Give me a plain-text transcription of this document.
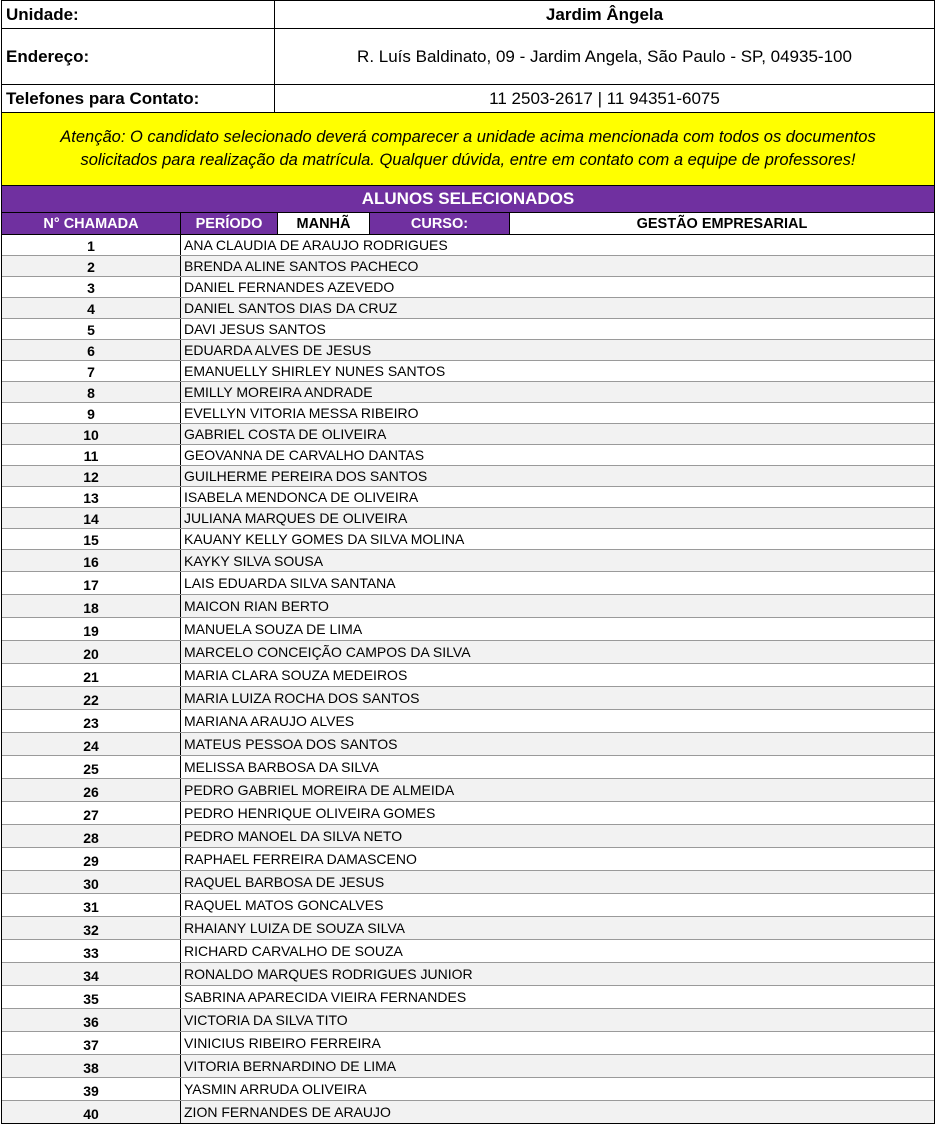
Unidade:	Jardim Ângela
Endereço:	R. Luís Baldinato, 09 - Jardim Angela, São Paulo - SP, 04935-100
Telefones para Contato:	11 2503-2617 | 11 94351-6075
Atenção: O candidato selecionado deverá comparecer a unidade acima mencionada com todos os documentos
solicitados para realização da matrícula. Qualquer dúvida, entre em contato com a equipe de professores!
ALUNOS SELECIONADOS
N° CHAMADA	PERÍODO	MANHÃ	CURSO:	GESTÃO EMPRESARIAL
1	ANA CLAUDIA DE ARAUJO RODRIGUES
2	BRENDA ALINE SANTOS PACHECO
3	DANIEL FERNANDES AZEVEDO
4	DANIEL SANTOS DIAS DA CRUZ
5	DAVI JESUS SANTOS
6	EDUARDA ALVES DE JESUS
7	EMANUELLY SHIRLEY NUNES SANTOS
8	EMILLY MOREIRA ANDRADE
9	EVELLYN VITORIA MESSA RIBEIRO
10	GABRIEL COSTA DE OLIVEIRA
11	GEOVANNA DE CARVALHO DANTAS
12	GUILHERME PEREIRA DOS SANTOS
13	ISABELA MENDONCA DE OLIVEIRA
14	JULIANA MARQUES DE OLIVEIRA
15	KAUANY KELLY GOMES DA SILVA MOLINA
16	KAYKY SILVA SOUSA
17	LAIS EDUARDA SILVA SANTANA
18	MAICON RIAN BERTO
19	MANUELA SOUZA DE LIMA
20	MARCELO CONCEIÇÃO CAMPOS DA SILVA
21	MARIA CLARA SOUZA MEDEIROS
22	MARIA LUIZA ROCHA DOS SANTOS
23	MARIANA ARAUJO ALVES
24	MATEUS PESSOA DOS SANTOS
25	MELISSA BARBOSA DA SILVA
26	PEDRO GABRIEL MOREIRA DE ALMEIDA
27	PEDRO HENRIQUE OLIVEIRA GOMES
28	PEDRO MANOEL DA SILVA NETO
29	RAPHAEL FERREIRA DAMASCENO
30	RAQUEL BARBOSA DE JESUS
31	RAQUEL MATOS GONCALVES
32	RHAIANY LUIZA DE SOUZA SILVA
33	RICHARD CARVALHO DE SOUZA
34	RONALDO MARQUES RODRIGUES JUNIOR
35	SABRINA APARECIDA VIEIRA FERNANDES
36	VICTORIA DA SILVA TITO
37	VINICIUS RIBEIRO FERREIRA
38	VITORIA BERNARDINO DE LIMA
39	YASMIN ARRUDA OLIVEIRA
40	ZION FERNANDES DE ARAUJO
